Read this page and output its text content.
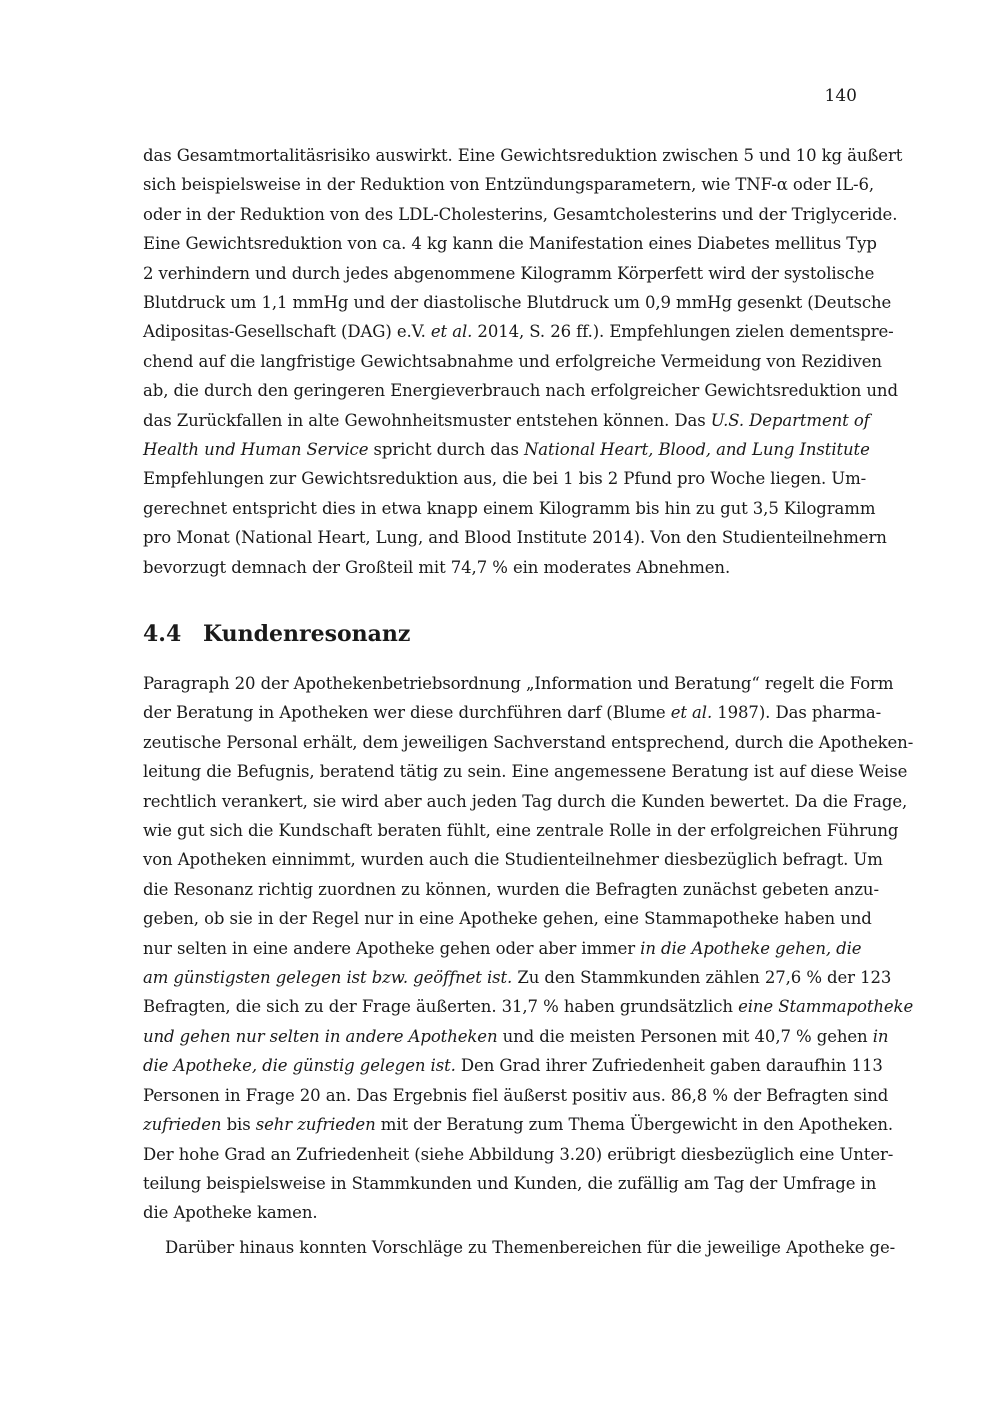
140

das Gesamtmortalitäsrisiko auswirkt. Eine Gewichtsreduktion zwischen 5 und 10 kg äußert
sich beispielsweise in der Reduktion von Entzündungsparametern, wie TNF-α oder IL-6,
oder in der Reduktion von des LDL-Cholesterins, Gesamtcholesterins und der Triglyceride.
Eine Gewichtsreduktion von ca. 4 kg kann die Manifestation eines Diabetes mellitus Typ
2 verhindern und durch jedes abgenommene Kilogramm Körperfett wird der systolische
Blutdruck um 1,1 mmHg und der diastolische Blutdruck um 0,9 mmHg gesenkt (Deutsche
Adipositas-Gesellschaft (DAG) e.V. et al. 2014, S. 26 ff.). Empfehlungen zielen dementspre-
chend auf die langfristige Gewichtsabnahme und erfolgreiche Vermeidung von Rezidiven
ab, die durch den geringeren Energieverbrauch nach erfolgreicher Gewichtsreduktion und
das Zurückfallen in alte Gewohnheitsmuster entstehen können. Das U.S. Department of
Health und Human Service spricht durch das National Heart, Blood, and Lung Institute
Empfehlungen zur Gewichtsreduktion aus, die bei 1 bis 2 Pfund pro Woche liegen. Um-
gerechnet entspricht dies in etwa knapp einem Kilogramm bis hin zu gut 3,5 Kilogramm
pro Monat (National Heart, Lung, and Blood Institute 2014). Von den Studienteilnehmern
bevorzugt demnach der Großteil mit 74,7 % ein moderates Abnehmen.

4.4 Kundenresonanz

Paragraph 20 der Apothekenbetriebsordnung „Information und Beratung“ regelt die Form
der Beratung in Apotheken wer diese durchführen darf (Blume et al. 1987). Das pharma-
zeutische Personal erhält, dem jeweiligen Sachverstand entsprechend, durch die Apotheken-
leitung die Befugnis, beratend tätig zu sein. Eine angemessene Beratung ist auf diese Weise
rechtlich verankert, sie wird aber auch jeden Tag durch die Kunden bewertet. Da die Frage,
wie gut sich die Kundschaft beraten fühlt, eine zentrale Rolle in der erfolgreichen Führung
von Apotheken einnimmt, wurden auch die Studienteilnehmer diesbezüglich befragt. Um
die Resonanz richtig zuordnen zu können, wurden die Befragten zunächst gebeten anzu-
geben, ob sie in der Regel nur in eine Apotheke gehen, eine Stammapotheke haben und
nur selten in eine andere Apotheke gehen oder aber immer in die Apotheke gehen, die
am günstigsten gelegen ist bzw. geöffnet ist. Zu den Stammkunden zählen 27,6 % der 123
Befragten, die sich zu der Frage äußerten. 31,7 % haben grundsätzlich eine Stammapotheke
und gehen nur selten in andere Apotheken und die meisten Personen mit 40,7 % gehen in
die Apotheke, die günstig gelegen ist. Den Grad ihrer Zufriedenheit gaben daraufhin 113
Personen in Frage 20 an. Das Ergebnis fiel äußerst positiv aus. 86,8 % der Befragten sind
zufrieden bis sehr zufrieden mit der Beratung zum Thema Übergewicht in den Apotheken.
Der hohe Grad an Zufriedenheit (siehe Abbildung 3.20) erübrigt diesbezüglich eine Unter-
teilung beispielsweise in Stammkunden und Kunden, die zufällig am Tag der Umfrage in
die Apotheke kamen.

Darüber hinaus konnten Vorschläge zu Themenbereichen für die jeweilige Apotheke ge-
